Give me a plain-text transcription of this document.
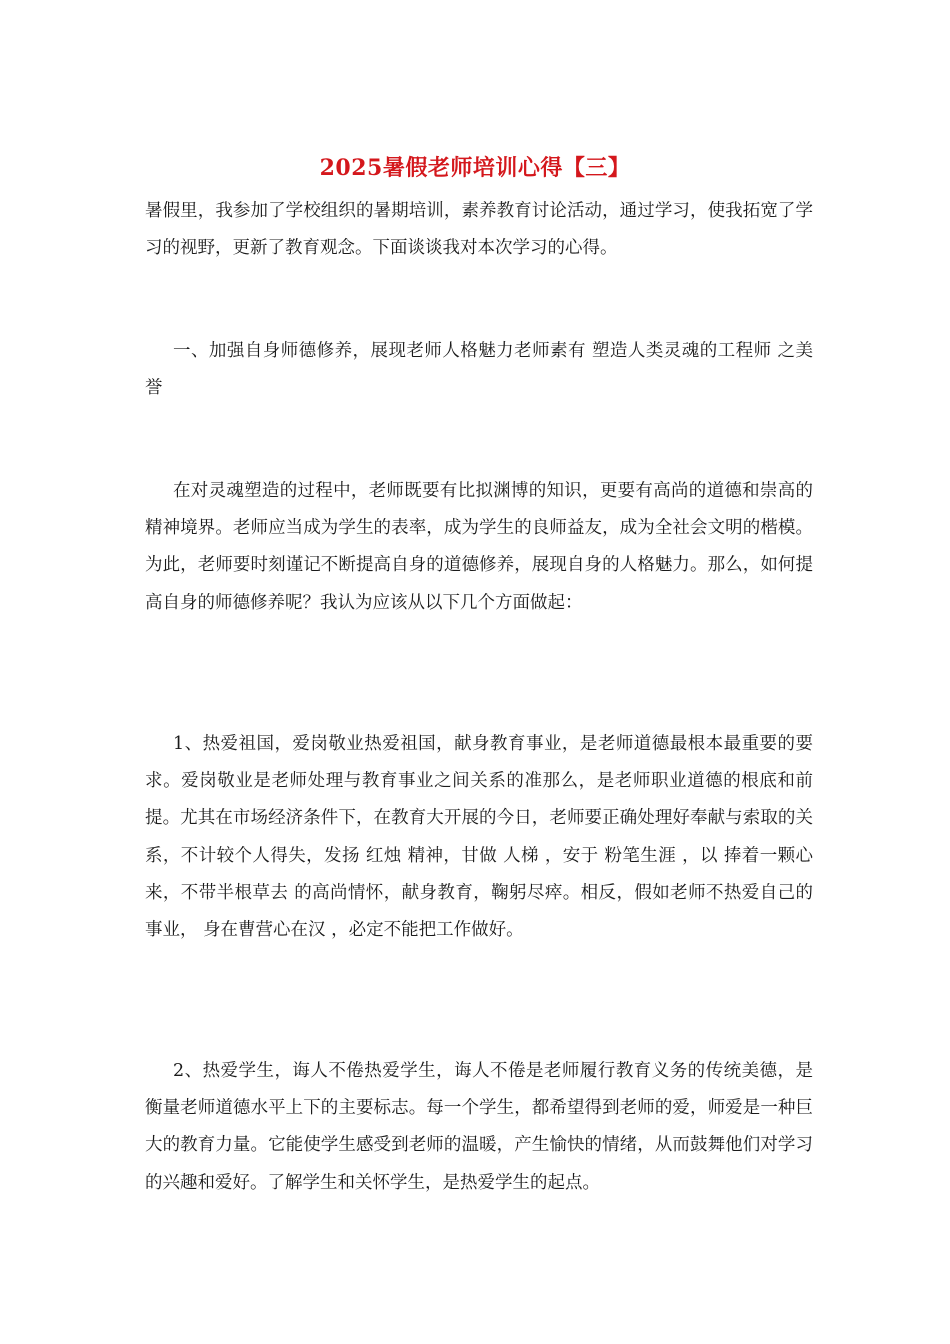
2025暑假老师培训心得【三】

暑假里，我参加了学校组织的暑期培训，素养教育讨论活动，通过学习，使我拓宽了学习的视野，更新了教育观念。下面谈谈我对本次学习的心得。

一、加强自身师德修养，展现老师人格魅力老师素有 塑造人类灵魂的工程师 之美誉

在对灵魂塑造的过程中，老师既要有比拟渊博的知识，更要有高尚的道德和崇高的精神境界。老师应当成为学生的表率，成为学生的良师益友，成为全社会文明的楷模。为此，老师要时刻谨记不断提高自身的道德修养，展现自身的人格魅力。那么，如何提高自身的师德修养呢？我认为应该从以下几个方面做起：

1、热爱祖国，爱岗敬业热爱祖国，献身教育事业，是老师道德最根本最重要的要求。爱岗敬业是老师处理与教育事业之间关系的准那么，是老师职业道德的根底和前提。尤其在市场经济条件下，在教育大开展的今日，老师要正确处理好奉献与索取的关系，不计较个人得失，发扬 红烛 精神，甘做 人梯 ，安于 粉笔生涯 ，以 捧着一颗心来，不带半根草去 的高尚情怀，献身教育，鞠躬尽瘁。相反，假如老师不热爱自己的事业， 身在曹营心在汉 ，必定不能把工作做好。

2、热爱学生，诲人不倦热爱学生，诲人不倦是老师履行教育义务的传统美德，是衡量老师道德水平上下的主要标志。每一个学生，都希望得到老师的爱，师爱是一种巨大的教育力量。它能使学生感受到老师的温暖，产生愉快的情绪，从而鼓舞他们对学习的兴趣和爱好。了解学生和关怀学生，是热爱学生的起点。
